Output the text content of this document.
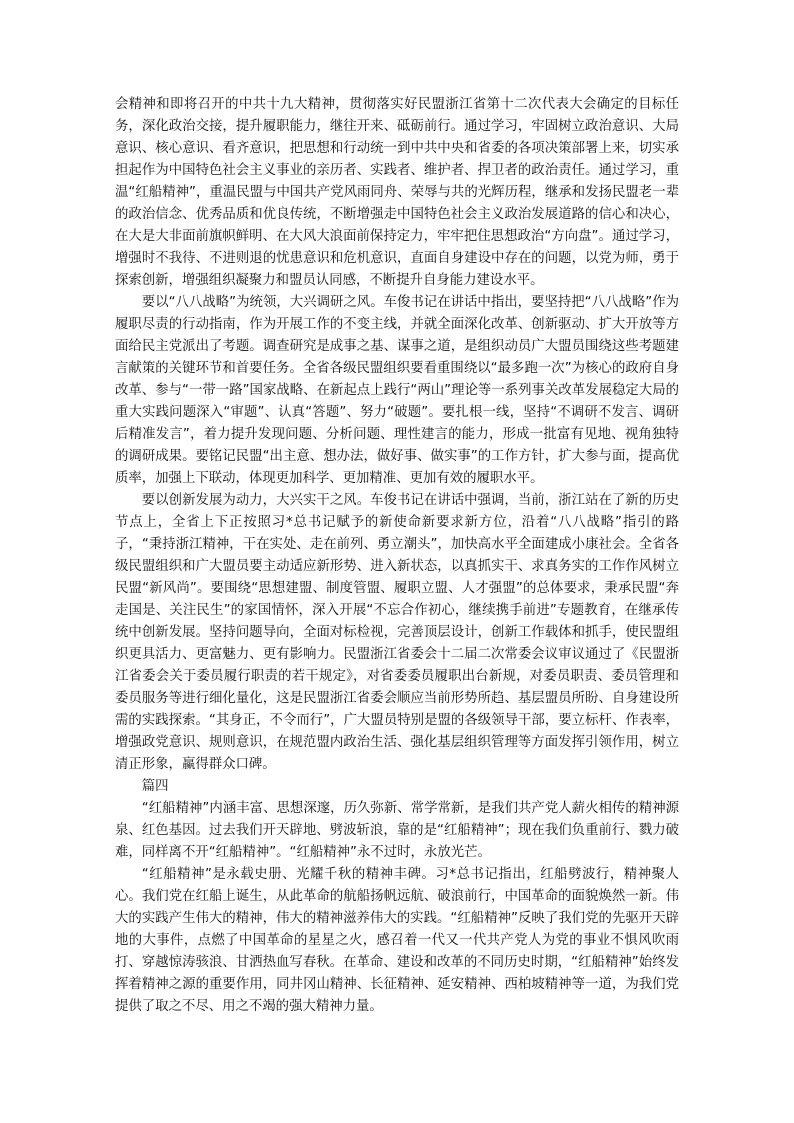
会精神和即将召开的中共十九大精神，贯彻落实好民盟浙江省第十二次代表大会确定的目标任务，深化政治交接，提升履职能力，继往开来、砥砺前行。通过学习，牢固树立政治意识、大局意识、核心意识、看齐意识，把思想和行动统一到中共中央和省委的各项决策部署上来，切实承担起作为中国特色社会主义事业的亲历者、实践者、维护者、捍卫者的政治责任。通过学习，重温“红船精神”，重温民盟与中国共产党风雨同舟、荣辱与共的光辉历程，继承和发扬民盟老一辈的政治信念、优秀品质和优良传统，不断增强走中国特色社会主义政治发展道路的信心和决心，在大是大非面前旗帜鲜明、在大风大浪面前保持定力，牢牢把住思想政治“方向盘”。通过学习，增强时不我待、不进则退的忧患意识和危机意识，直面自身建设中存在的问题，以党为师，勇于探索创新，增强组织凝聚力和盟员认同感，不断提升自身能力建设水平。

要以“八八战略”为统领，大兴调研之风。车俊书记在讲话中指出，要坚持把“八八战略”作为履职尽责的行动指南，作为开展工作的不变主线，并就全面深化改革、创新驱动、扩大开放等方面给民主党派出了考题。调查研究是成事之基、谋事之道，是组织动员广大盟员围绕这些考题建言献策的关键环节和首要任务。全省各级民盟组织要看重围绕以“最多跑一次”为核心的政府自身改革、参与“一带一路”国家战略、在新起点上践行“两山”理论等一系列事关改革发展稳定大局的重大实践问题深入“审题”、认真“答题”、努力“破题”。要扎根一线，坚持“不调研不发言、调研后精准发言”，着力提升发现问题、分析问题、理性建言的能力，形成一批富有见地、视角独特的调研成果。要铭记民盟“出主意、想办法，做好事、做实事”的工作方针，扩大参与面，提高优质率，加强上下联动，体现更加科学、更加精准、更加有效的履职水平。

要以创新发展为动力，大兴实干之风。车俊书记在讲话中强调，当前，浙江站在了新的历史节点上，全省上下正按照习*总书记赋予的新使命新要求新方位，沿着“八八战略”指引的路子，“秉持浙江精神，干在实处、走在前列、勇立潮头”，加快高水平全面建成小康社会。全省各级民盟组织和广大盟员要主动适应新形势、进入新状态，以真抓实干、求真务实的工作作风树立民盟“新风尚”。要围绕“思想建盟、制度管盟、履职立盟、人才强盟”的总体要求，秉承民盟“奔走国是、关注民生”的家国情怀，深入开展“不忘合作初心，继续携手前进”专题教育，在继承传统中创新发展。坚持问题导向，全面对标检视，完善顶层设计，创新工作载体和抓手，使民盟组织更具活力、更富魅力、更有影响力。民盟浙江省委会十二届二次常委会议审议通过了《民盟浙江省委会关于委员履行职责的若干规定》，对省委委员履职出台新规，对委员职责、委员管理和委员服务等进行细化量化，这是民盟浙江省委会顺应当前形势所趋、基层盟员所盼、自身建设所需的实践探索。“其身正，不令而行”，广大盟员特别是盟的各级领导干部，要立标杆、作表率，增强政党意识、规则意识，在规范盟内政治生活、强化基层组织管理等方面发挥引领作用，树立清正形象，赢得群众口碑。

篇四

“红船精神”内涵丰富、思想深邃，历久弥新、常学常新，是我们共产党人薪火相传的精神源泉、红色基因。过去我们开天辟地、劈波斩浪，靠的是“红船精神”；现在我们负重前行、戮力破难，同样离不开“红船精神”。“红船精神”永不过时，永放光芒。

“红船精神”是永载史册、光耀千秋的精神丰碑。习*总书记指出，红船劈波行，精神聚人心。我们党在红船上诞生，从此革命的航船扬帆远航、破浪前行，中国革命的面貌焕然一新。伟大的实践产生伟大的精神，伟大的精神滋养伟大的实践。“红船精神”反映了我们党的先驱开天辟地的大事件，点燃了中国革命的星星之火，感召着一代又一代共产党人为党的事业不惧风吹雨打、穿越惊涛骇浪、甘洒热血写春秋。在革命、建设和改革的不同历史时期，“红船精神”始终发挥着精神之源的重要作用，同井冈山精神、长征精神、延安精神、西柏坡精神等一道，为我们党提供了取之不尽、用之不竭的强大精神力量。
